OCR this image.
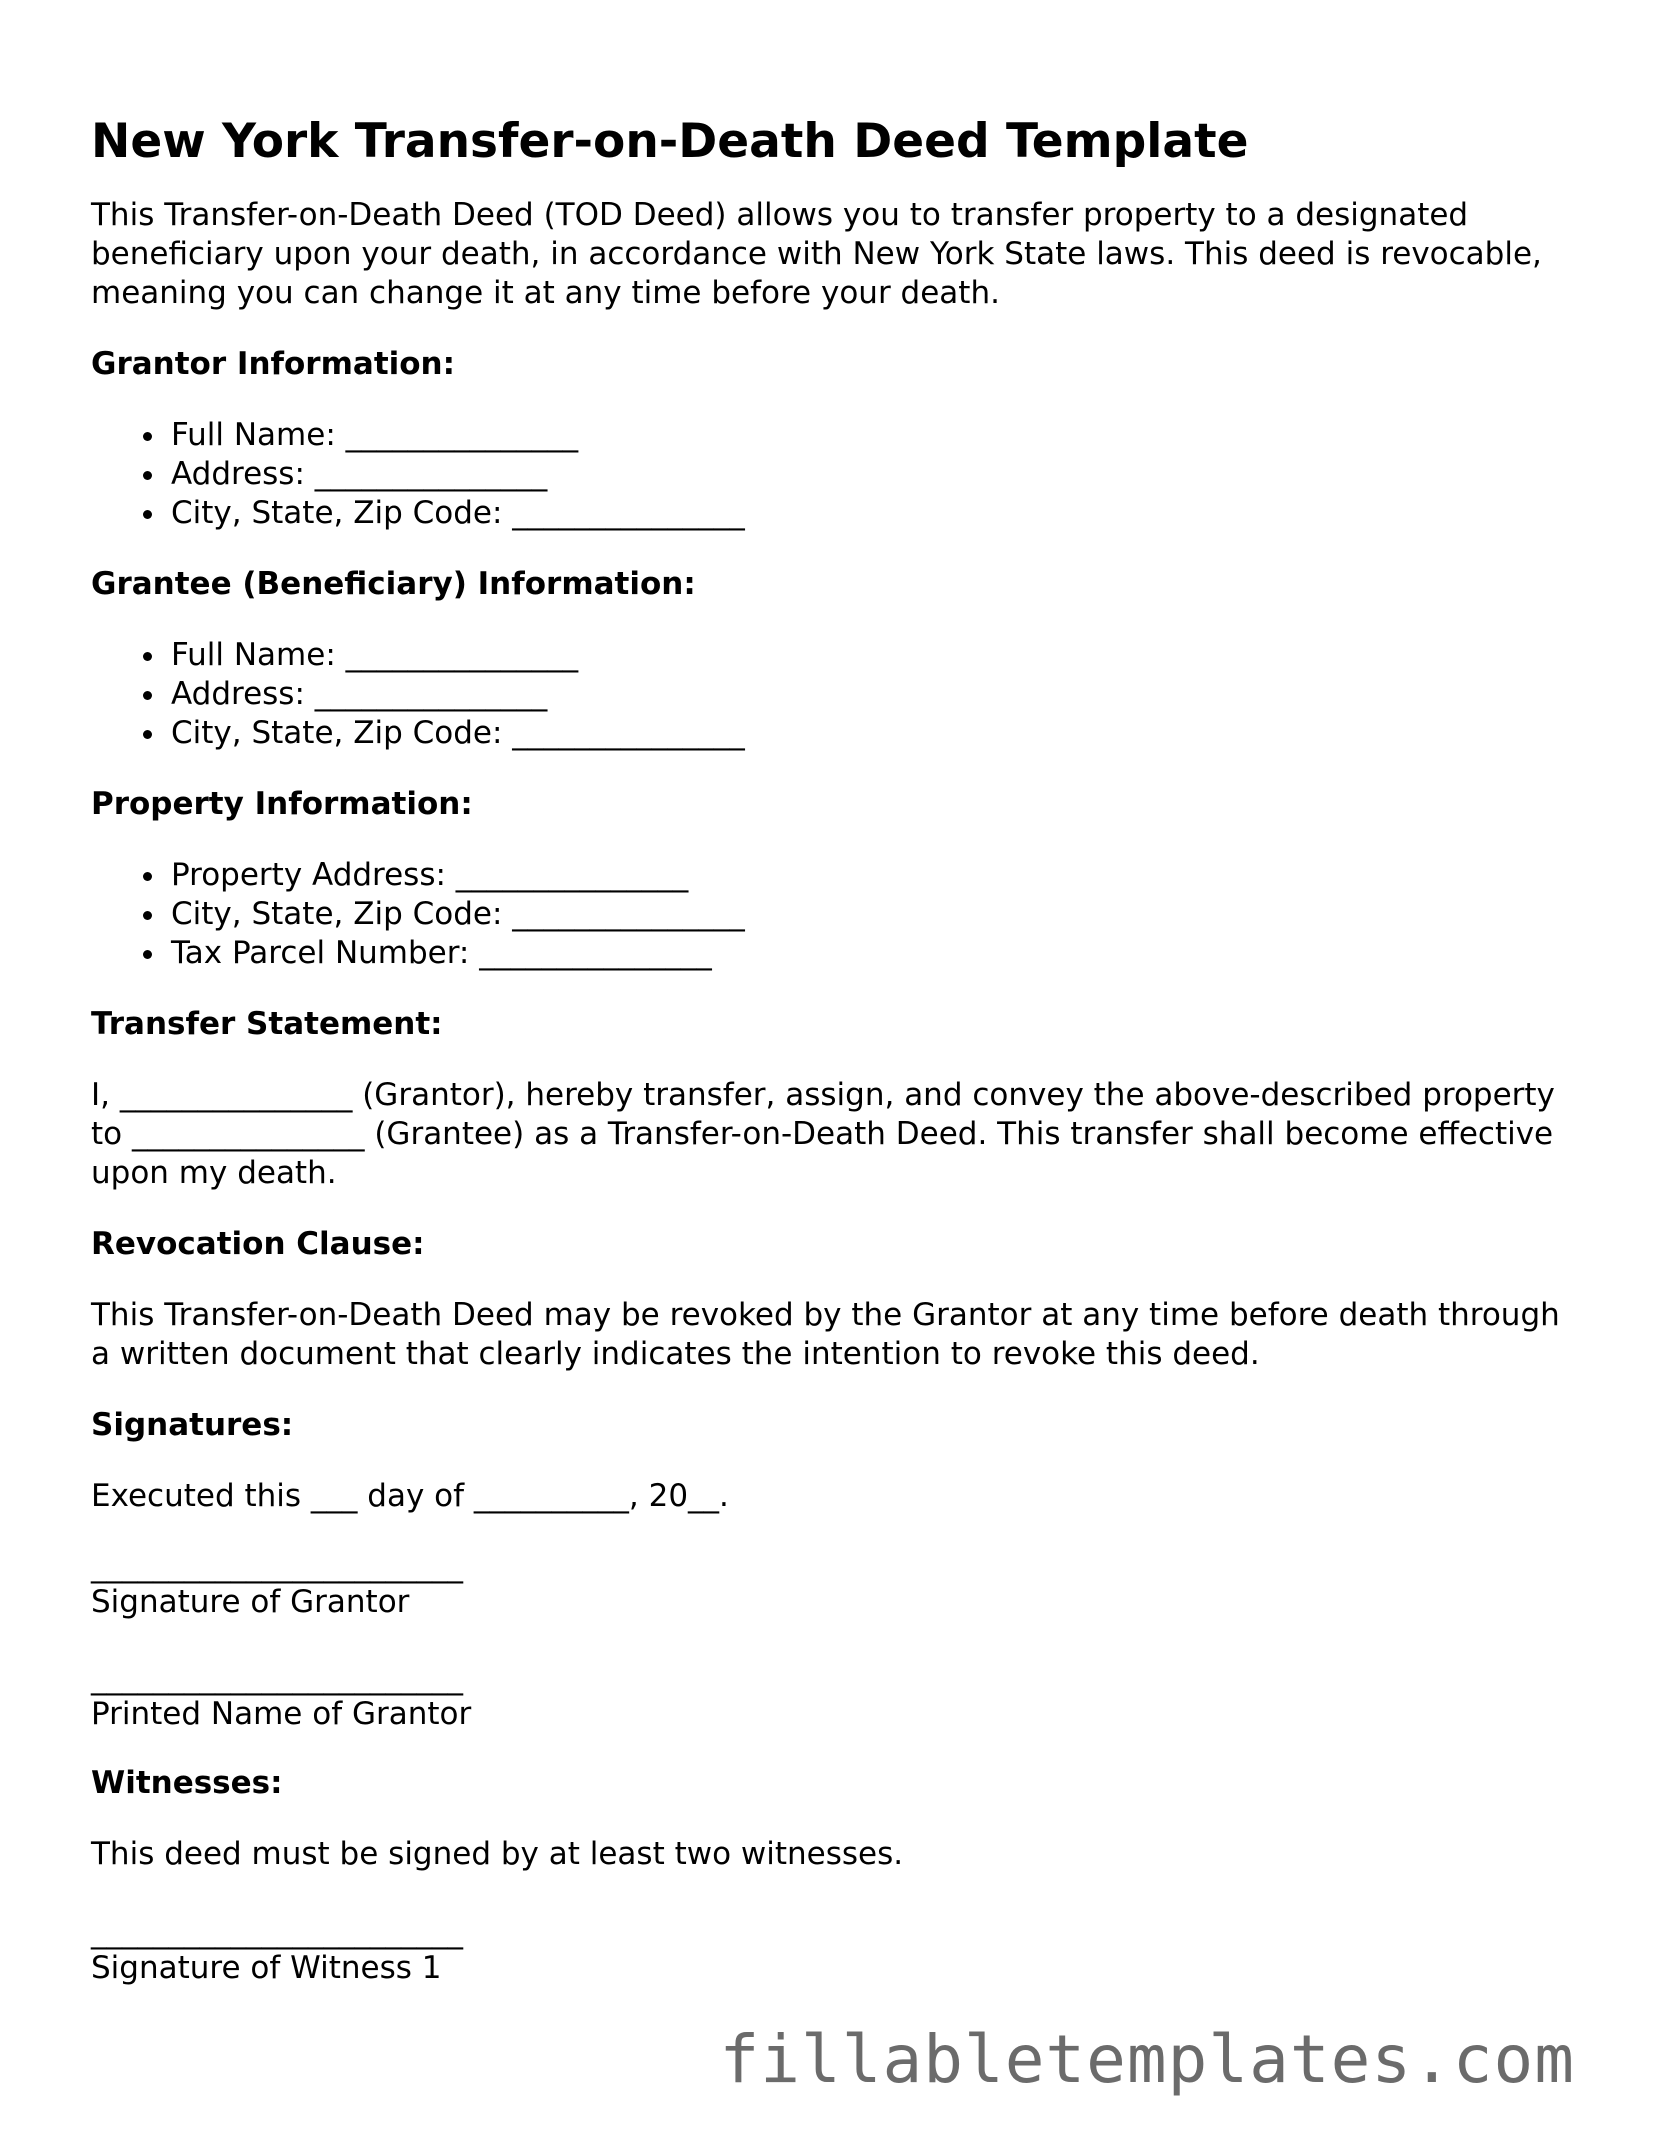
New York Transfer-on-Death Deed Template

This Transfer-on-Death Deed (TOD Deed) allows you to transfer property to a designated beneficiary upon your death, in accordance with New York State laws. This deed is revocable, meaning you can change it at any time before your death.

Grantor Information:
Full Name: _______________
Address: _______________
City, State, Zip Code: _______________
Grantee (Beneficiary) Information:
Full Name: _______________
Address: _______________
City, State, Zip Code: _______________
Property Information:
Property Address: _______________
City, State, Zip Code: _______________
Tax Parcel Number: _______________
Transfer Statement:

I, _______________ (Grantor), hereby transfer, assign, and convey the above-described property to _______________ (Grantee) as a Transfer-on-Death Deed. This transfer shall become effective upon my death.

Revocation Clause:

This Transfer-on-Death Deed may be revoked by the Grantor at any time before death through a written document that clearly indicates the intention to revoke this deed.

Signatures:

Executed this ___ day of __________, 20__.

________________________
Signature of Grantor
________________________
Printed Name of Grantor
Witnesses:

This deed must be signed by at least two witnesses.

________________________
Signature of Witness 1
fillabletemplates.com
